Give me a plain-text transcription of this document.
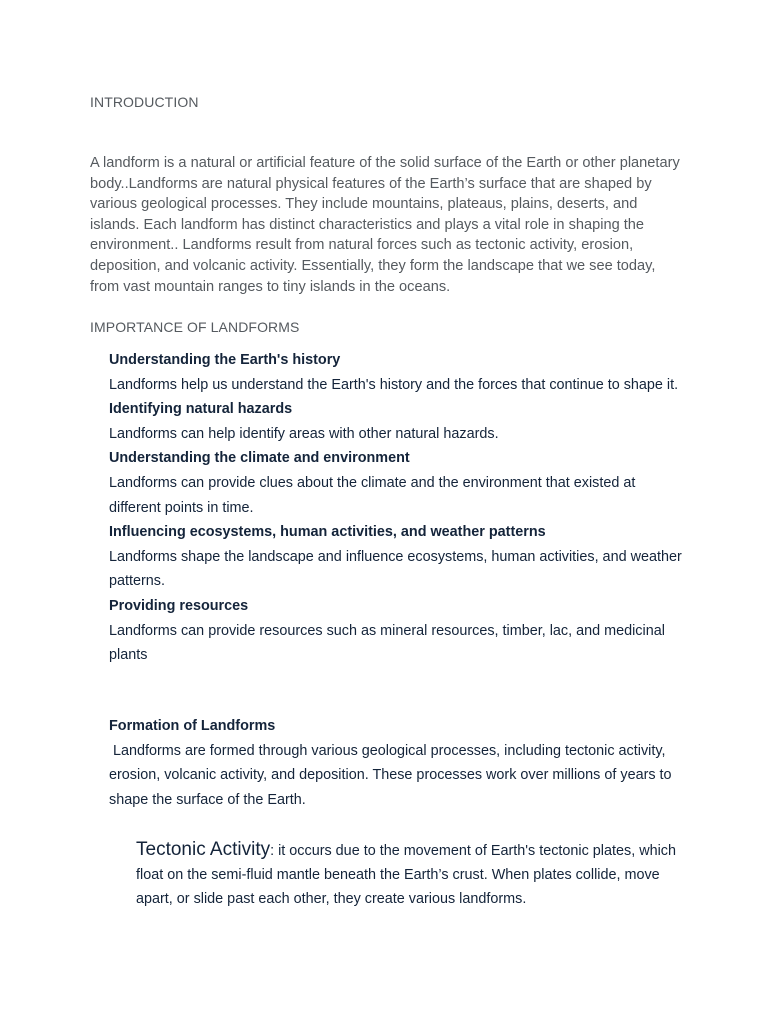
INTRODUCTION

A landform is a natural or artificial feature of the solid surface of the Earth or other planetary body..Landforms are natural physical features of the Earth’s surface that are shaped by various geological processes. They include mountains, plateaus, plains, deserts, and islands. Each landform has distinct characteristics and plays a vital role in shaping the environment.. Landforms result from natural forces such as tectonic activity, erosion, deposition, and volcanic activity. Essentially, they form the landscape that we see today, from vast mountain ranges to tiny islands in the oceans.

IMPORTANCE OF LANDFORMS

Understanding the Earth's history

Landforms help us understand the Earth's history and the forces that continue to shape it.

Identifying natural hazards

Landforms can help identify areas with other natural hazards.

Understanding the climate and environment

Landforms can provide clues about the climate and the environment that existed at different points in time.

Influencing ecosystems, human activities, and weather patterns

Landforms shape the landscape and influence ecosystems, human activities, and weather patterns.

Providing resources

Landforms can provide resources such as mineral resources, timber, lac, and medicinal plants

Formation of Landforms

Landforms are formed through various geological processes, including tectonic activity, erosion, volcanic activity, and deposition. These processes work over millions of years to shape the surface of the Earth.

Tectonic Activity: it occurs due to the movement of Earth's tectonic plates, which float on the semi-fluid mantle beneath the Earth’s crust. When plates collide, move apart, or slide past each other, they create various landforms.
